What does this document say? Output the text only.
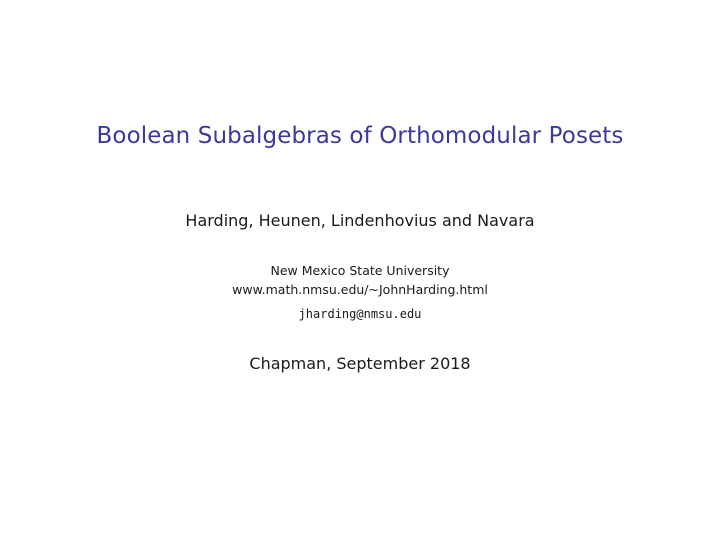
Boolean Subalgebras of Orthomodular Posets
Harding, Heunen, Lindenhovius and Navara
New Mexico State University
www.math.nmsu.edu/~JohnHarding.html
jharding@nmsu.edu
Chapman, September 2018
